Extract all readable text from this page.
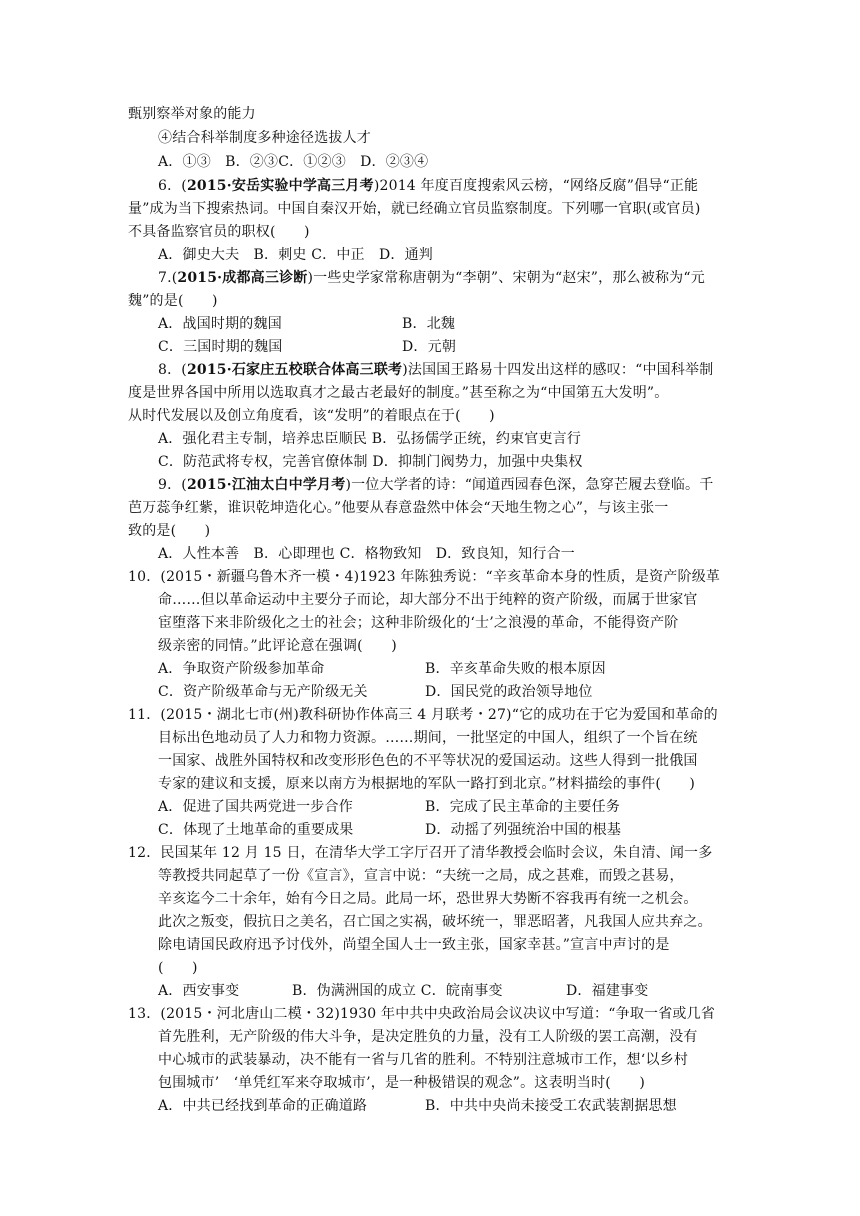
甄别察举对象的能力
④结合科举制度多种途径选拔人才
A．①③　B．②③C．①②③　D．②③④
6．(2015·安岳实验中学高三月考)2014 年度百度搜索风云榜，“网络反腐”倡导“正能
量”成为当下搜索热词。中国自秦汉开始，就已经确立官员监察制度。下列哪一官职(或官员)
不具备监察官员的职权(　　)
A．御史大夫　B．刺史 C．中正　D．通判
7.(2015·成都高三诊断)一些史学家常称唐朝为“李朝”、宋朝为“赵宋”，那么被称为“元
魏”的是(　　)
A．战国时期的魏国	B．北魏
C．三国时期的魏国	D．元朝
8．(2015·石家庄五校联合体高三联考)法国国王路易十四发出这样的感叹：“中国科举制
度是世界各国中所用以选取真才之最古老最好的制度。”甚至称之为“中国第五大发明”。
从时代发展以及创立角度看，该“发明”的着眼点在于(　　)
A．强化君主专制，培养忠臣顺民 B．弘扬儒学正统，约束官吏言行
C．防范武将专权，完善官僚体制 D．抑制门阀势力，加强中央集权
9．(2015·江油太白中学月考)一位大学者的诗：“闻道西园春色深，急穿芒履去登临。千
芭万蕊争红紫，谁识乾坤造化心。”他要从春意盎然中体会“天地生物之心”，与该主张一
致的是(　　)
A．人性本善　B．心即理也 C．格物致知　D．致良知，知行合一
10．(2015・新疆乌鲁木齐一模・4)1923 年陈独秀说：“辛亥革命本身的性质，是资产阶级革
命……但以革命运动中主要分子而论，却大部分不出于纯粹的资产阶级，而属于世家官
宦堕落下来非阶级化之士的社会；这种非阶级化的‘士’之浪漫的革命，不能得资产阶
级亲密的同情。”此评论意在强调(　　)
A．争取资产阶级参加革命	B．辛亥革命失败的根本原因
C．资产阶级革命与无产阶级无关	D．国民党的政治领导地位
11．(2015・湖北七市(州)教科研协作体高三 4 月联考・27)“它的成功在于它为爱国和革命的
目标出色地动员了人力和物力资源。……期间，一批坚定的中国人，组织了一个旨在统
一国家、战胜外国特权和改变形形色色的不平等状况的爱国运动。这些人得到一批俄国
专家的建议和支援，原来以南方为根据地的军队一路打到北京。”材料描绘的事件(　　)
A．促进了国共两党进一步合作	B．完成了民主革命的主要任务
C．体现了土地革命的重要成果	D．动摇了列强统治中国的根基
12．民国某年 12 月 15 日，在清华大学工字厅召开了清华教授会临时会议，朱自清、闻一多
等教授共同起草了一份《宣言》，宣言中说：“夫统一之局，成之甚难，而毁之甚易，
辛亥迄今二十余年，始有今日之局。此局一坏，恐世界大势断不容我再有统一之机会。
此次之叛变，假抗日之美名，召亡国之实祸，破坏统一，罪恶昭著，凡我国人应共弃之。
除电请国民政府迅予讨伐外，尚望全国人士一致主张，国家幸甚。”宣言中声讨的是
(　　)
A．西安事变	B．伪满洲国的成立 C．皖南事变	D．福建事变
13．(2015・河北唐山二模・32)1930 年中共中央政治局会议决议中写道：“争取一省或几省
首先胜利，无产阶级的伟大斗争，是决定胜负的力量，没有工人阶级的罢工高潮，没有
中心城市的武装暴动，决不能有一省与几省的胜利。不特别注意城市工作，想‘以乡村
包围城市’　‘单凭红军来夺取城市’，是一种极错误的观念”。这表明当时(　　)
A．中共已经找到革命的正确道路	B．中共中央尚未接受工农武装割据思想
